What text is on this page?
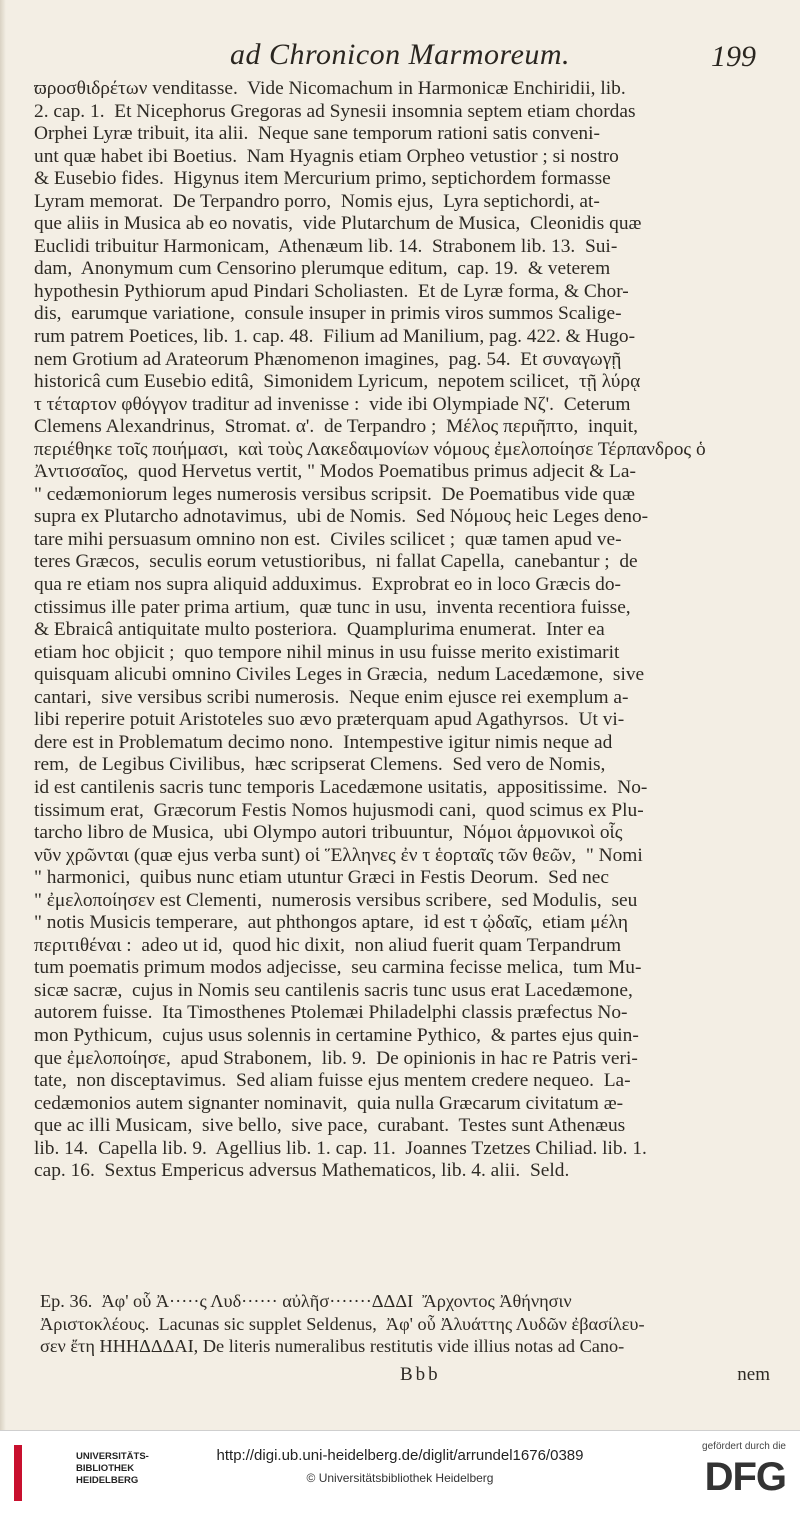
ad Chronicon Marmoreum.	199
ϖροσθιδρέτων venditasse.  Vide Nicomachum in Harmonicæ Enchiridii, lib.
2. cap. 1.  Et Nicephorus Gregoras ad Synesii insomnia septem etiam chordas
Orphei Lyræ tribuit, ita alii.  Neque sane temporum rationi satis conveni-
unt quæ habet ibi Boetius.  Nam Hyagnis etiam Orpheo vetustior ; si nostro
& Eusebio fides.  Higynus item Mercurium primo, septichordem formasse
Lyram memorat.  De Terpandro porro,  Nomis ejus,  Lyra septichordi, at-
que aliis in Musica ab eo novatis,  vide Plutarchum de Musica,  Cleonidis quæ
Euclidi tribuitur Harmonicam,  Athenæum lib. 14.  Strabonem lib. 13.  Sui-
dam,  Anonymum cum Censorino plerumque editum,  cap. 19.  & veterem
hypothesin Pythiorum apud Pindari Scholiasten.  Et de Lyræ forma, & Chor-
dis,  earumque variatione,  consule insuper in primis viros summos Scalige-
rum patrem Poetices, lib. 1. cap. 48.  Filium ad Manilium, pag. 422. & Hugo-
nem Grotium ad Arateorum Phænomenon imagines,  pag. 54.  Et συναγωγῇ
historicâ cum Eusebio editâ,  Simonidem Lyricum,  nepotem scilicet,  τῇ λύρᾳ
τ τέταρτον φθόγγον traditur ad invenisse :  vide ibi Olympiade Νζ'.  Ceterum
Clemens Alexandrinus,  Stromat. α'.  de Terpandro ;  Μέλος περιῆπτο,  inquit,
περιέθηκε τοῖς ποιήμασι,  καὶ τοὺς Λακεδαιμονίων νόμους ἐμελοποίησε Τέρπανδρος ὁ
Ἀντισσαῖος,  quod Hervetus vertit, " Modos Poematibus primus adjecit & La-
" cedæmoniorum leges numerosis versibus scripsit.  De Poematibus vide quæ
supra ex Plutarcho adnotavimus,  ubi de Nomis.  Sed Νόμους heic Leges deno-
tare mihi persuasum omnino non est.  Civiles scilicet ;  quæ tamen apud ve-
teres Græcos,  seculis eorum vetustioribus,  ni fallat Capella,  canebantur ;  de
qua re etiam nos supra aliquid adduximus.  Exprobrat eo in loco Græcis do-
ctissimus ille pater prima artium,  quæ tunc in usu,  inventa recentiora fuisse,
& Ebraicâ antiquitate multo posteriora.  Quamplurima enumerat.  Inter ea
etiam hoc objicit ;  quo tempore nihil minus in usu fuisse merito existimarit
quisquam alicubi omnino Civiles Leges in Græcia,  nedum Lacedæmone,  sive
cantari,  sive versibus scribi numerosis.  Neque enim ejusce rei exemplum a-
libi reperire potuit Aristoteles suo ævo præterquam apud Agathyrsos.  Ut vi-
dere est in Problematum decimo nono.  Intempestive igitur nimis neque ad
rem,  de Legibus Civilibus,  hæc scripserat Clemens.  Sed vero de Nomis,
id est cantilenis sacris tunc temporis Lacedæmone usitatis,  appositissime.  No-
tissimum erat,  Græcorum Festis Nomos hujusmodi cani,  quod scimus ex Plu-
tarcho libro de Musica,  ubi Olympo autori tribuuntur,  Νόμοι ἁρμονικοὶ οἷς
νῦν χρῶνται (quæ ejus verba sunt) οἱ Ἕλληνες ἐν τ ἑορταῖς τῶν θεῶν,  " Nomi
" harmonici,  quibus nunc etiam utuntur Græci in Festis Deorum.  Sed nec
" ἐμελοποίησεν est Clementi,  numerosis versibus scribere,  sed Modulis,  seu
" notis Musicis temperare,  aut phthongos aptare,  id est τ ᾠδαῖς,  etiam μέλη
περιτιθέναι :  adeo ut id,  quod hic dixit,  non aliud fuerit quam Terpandrum
tum poematis primum modos adjecisse,  seu carmina fecisse melica,  tum Mu-
sicæ sacræ,  cujus in Nomis seu cantilenis sacris tunc usus erat Lacedæmone,
autorem fuisse.  Ita Timosthenes Ptolemæi Philadelphi classis præfectus No-
mon Pythicum,  cujus usus solennis in certamine Pythico,  & partes ejus quin-
que ἐμελοποίησε,  apud Strabonem,  lib. 9.  De opinionis in hac re Patris veri-
tate,  non disceptavimus.  Sed aliam fuisse ejus mentem credere nequeo.  La-
cedæmonios autem signanter nominavit,  quia nulla Græcarum civitatum æ-
que ac illi Musicam,  sive bello,  sive pace,  curabant.  Testes sunt Athenæus
lib. 14.  Capella lib. 9.  Agellius lib. 1. cap. 11.  Joannes Tzetzes Chiliad. lib. 1.
cap. 16.  Sextus Empericus adversus Mathematicos, lib. 4. alii.  Seld.
Ep. 36.  Ἀφ' οὗ Ἀ·····ς Λυδ······ αὐλῆσ·······ΔΔΔΙ  Ἄρχοντος Ἀθήνησιν
Ἀριστοκλέους.  Lacunas sic supplet Seldenus,  Ἀφ' οὗ Ἀλυάττης Λυδῶν ἐβασίλευ-
σεν ἔτη ΗΗΗΔΔΔΑΙ, De literis numeralibus restitutis vide illius notas ad Cano-
Bbb	nem
UNIVERSITÄTS-
BIBLIOTHEK
HEIDELBERG
http://digi.ub.uni-heidelberg.de/diglit/arrundel1676/0389
© Universitätsbibliothek Heidelberg
gefördert durch die
DFG
